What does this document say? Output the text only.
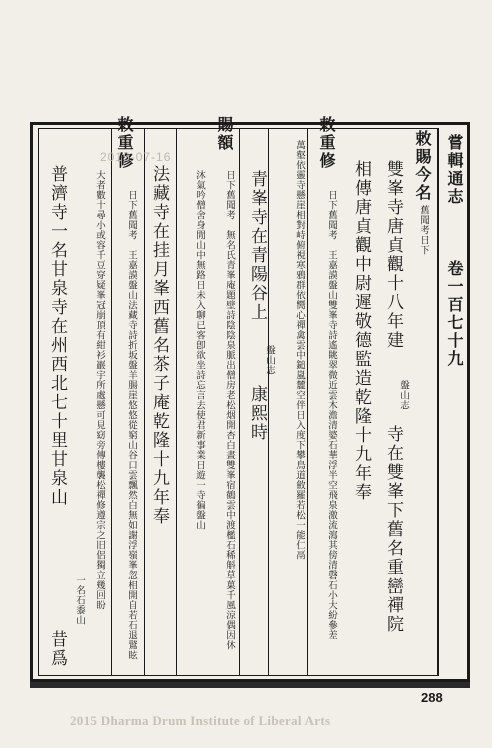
嘗輯通志
卷一百七十九
敕賜今名
舊聞考日下
雙峯寺唐貞觀十八年建
盤山志
寺在雙峯下舊名重巒禪院
相傳唐貞觀中尉遲敬德監造乾隆十九年奉
敕重修
日下舊聞考　王嘉謨盤山雙峯寺詩遙眺翠微近雲木澹清婆石華浮半空飛泉激流瀉其傍清磬石小大紛參差
萬壑依靈寺懸崖相對峙俯視寒鴉群依嚮心禪禽雲中鎚嵐麓空伴日入度下攀鳥道斂羅若松一能仁鬲
青峯寺在青陽谷上
盤山志
康熙時
賜額
日下舊聞考　無名氏青峯庵題壁詩陰陰泉脈出僧房老松烟開杏白晝雙峯宿鶴雲中渡檻石稀斛草菓千風涼偶因休
沐氣吟僧舍身閒山中無路日未入聊已客卽欲坐詩忘言去使君新事業日遊一寺徧盤山
法藏寺在挂月峯西舊名茶子庵乾隆十九年奉
敕重修
日下舊聞考　王嘉謨盤山法藏寺詩折坂盤羊腸崖悠悠從窮山谷口雲飄然白無如謝浮嶺峯忽相開自若石退鷲眩
大者數十尋小或容千豆穿疑峯冠崩頂有紺衫巖宇所處懸可見窈旁傳樓襲松禪修遵宗之旧侶獨立幾回盼
普濟寺一名甘泉寺在州西北七十里甘泉山
一名石黍山
昔爲
288
2015-07-16
2015 Dharma Drum Institute of Liberal Arts
